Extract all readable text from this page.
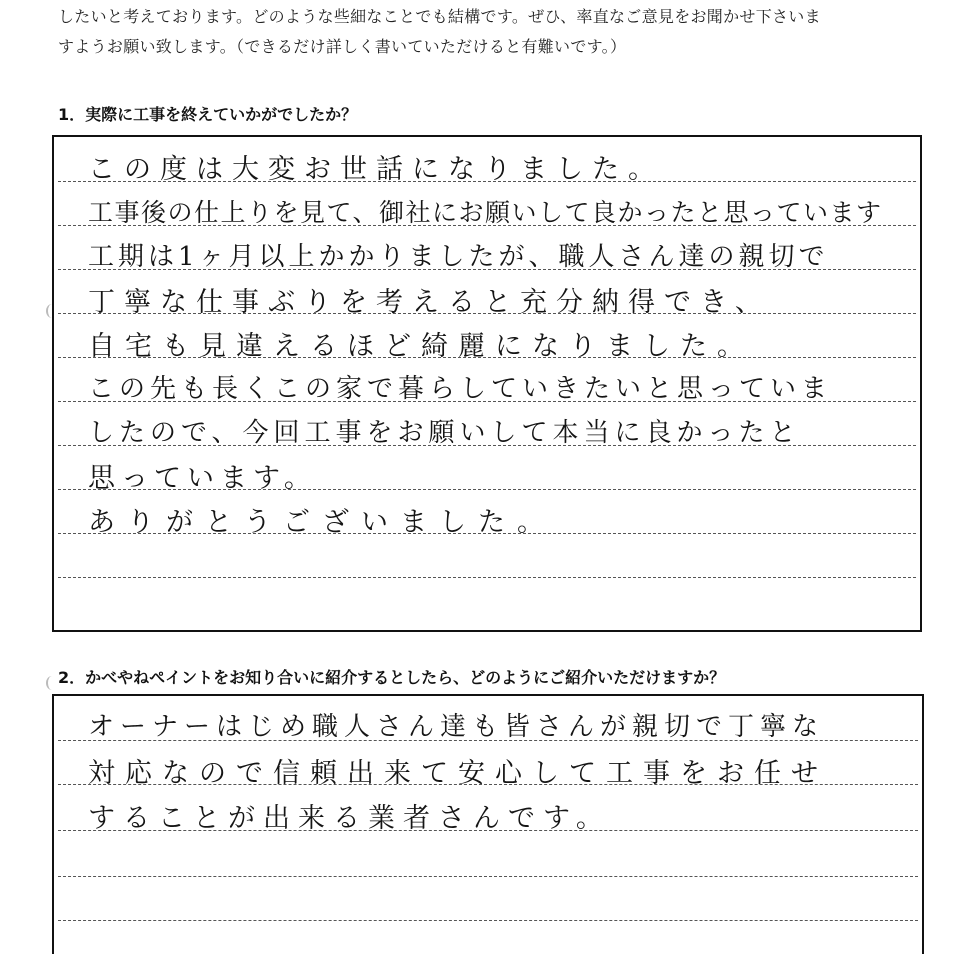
したいと考えております。どのような些細なことでも結構です。ぜひ、率直なご意見をお聞かせ下さいま
すようお願い致します。（できるだけ詳しく書いていただけると有難いです。）
1．実際に工事を終えていかがでしたか？
この度は大変お世話になりました。
工事後の仕上りを見て、御社にお願いして良かったと思っています
工期は1ヶ月以上かかりましたが、職人さん達の親切で
丁寧な仕事ぶりを考えると充分納得でき、
自宅も見違えるほど綺麗になりました。
この先も長くこの家で暮らしていきたいと思っていま
したので、今回工事をお願いして本当に良かったと
思っています。
ありがとうございました。
2．かべやねペイントをお知り合いに紹介するとしたら、どのようにご紹介いただけますか？
オーナーはじめ職人さん達も皆さんが親切で丁寧な
対応なので信頼出来て安心して工事をお任せ
することが出来る業者さんです。
